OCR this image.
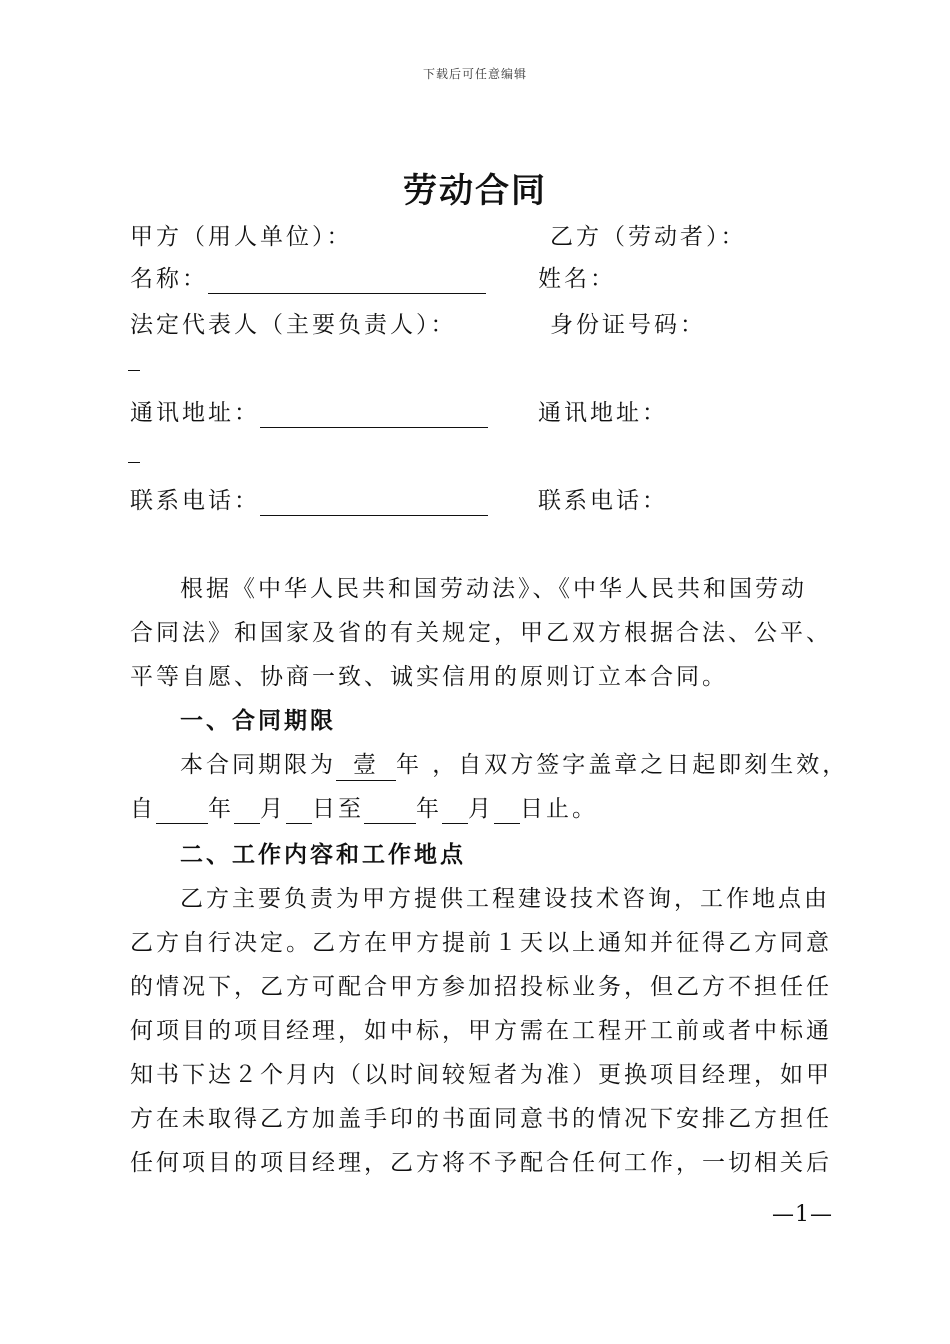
下载后可任意编辑
劳动合同
甲方（用人单位）：	乙方（劳动者）：
名称：	姓名：
法定代表人（主要负责人）：	身份证号码：
通讯地址：	通讯地址：
联系电话：	联系电话：
根据《中华人民共和国劳动法》、《中华人民共和国劳动
合同法》和国家及省的有关规定，甲乙双方根据合法、公平、
平等自愿、协商一致、诚实信用的原则订立本合同。
一、合同期限
本合同期限为 壹 年 ，自双方签字盖章之日起即刻生效，
自 年 月 日至 年 月 日止。
二、工作内容和工作地点
乙方主要负责为甲方提供工程建设技术咨询，工作地点由
乙方自行决定。乙方在甲方提前１天以上通知并征得乙方同意
的情况下，乙方可配合甲方参加招投标业务，但乙方不担任任
何项目的项目经理，如中标，甲方需在工程开工前或者中标通
知书下达２个月内（以时间较短者为准）更换项目经理，如甲
方在未取得乙方加盖手印的书面同意书的情况下安排乙方担任
任何项目的项目经理，乙方将不予配合任何工作，一切相关后
—1—
